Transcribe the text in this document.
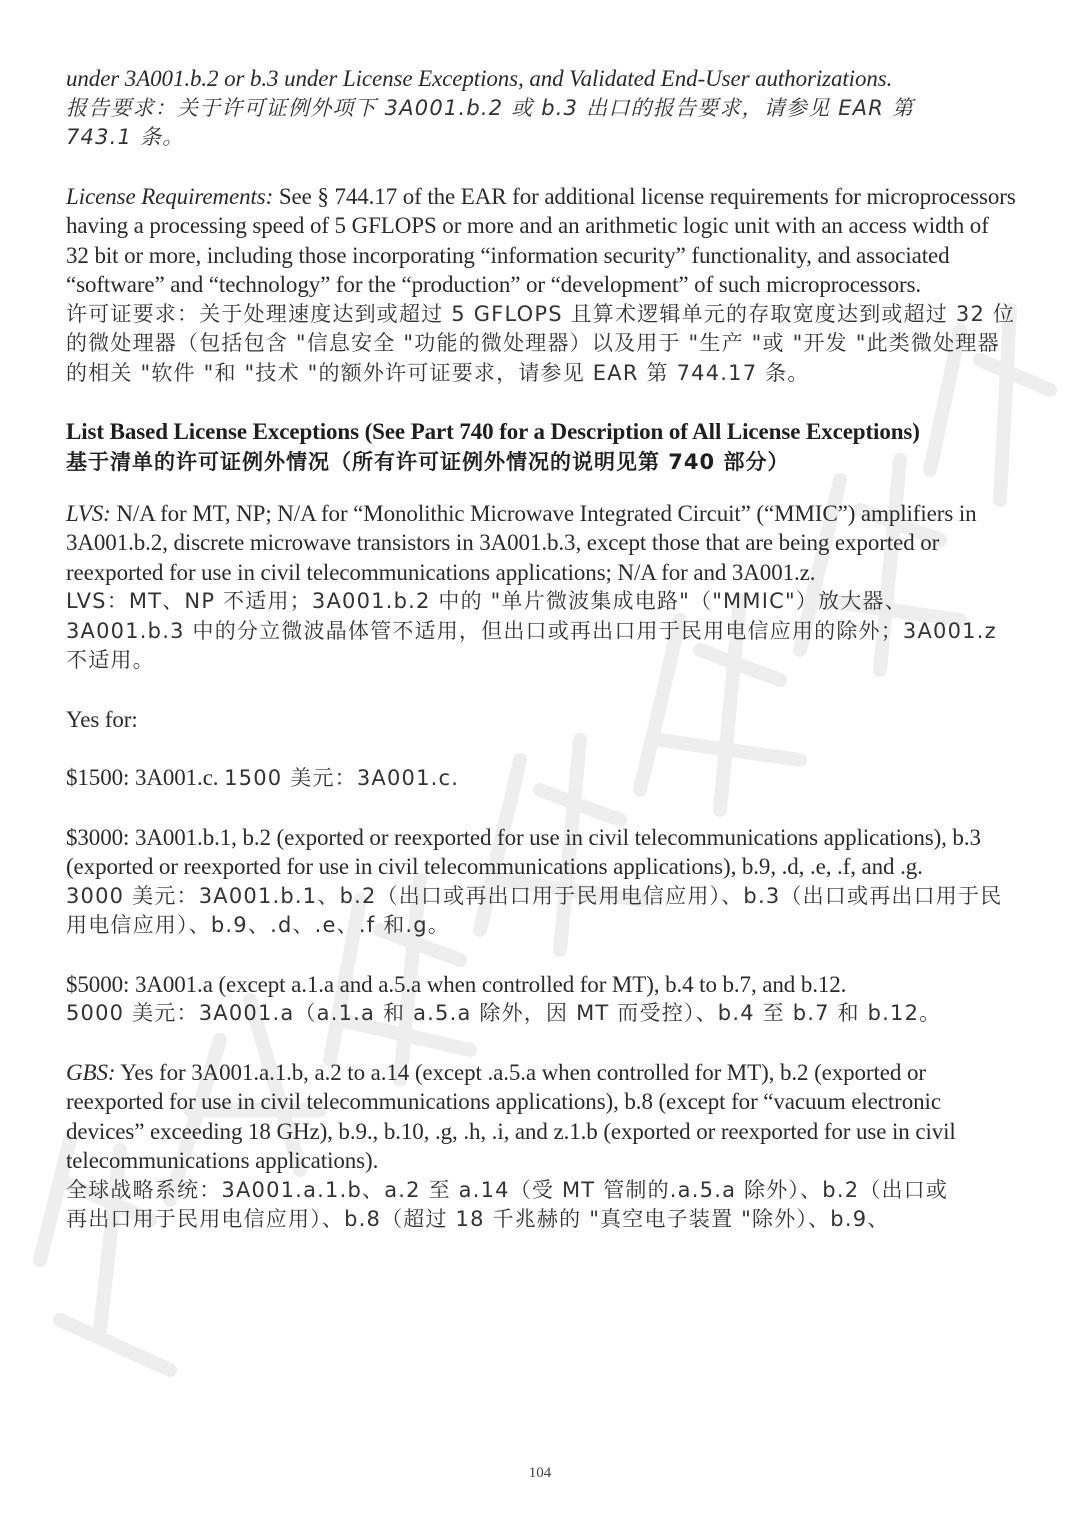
under 3A001.b.2 or b.3 under License Exceptions, and Validated End-User authorizations.

报告要求：关于许可证例外项下 3A001.b.2 或 b.3 出口的报告要求，请参见 EAR 第

743.1 条。

License Requirements: See § 744.17 of the EAR for additional license requirements for microprocessors having a processing speed of 5 GFLOPS or more and an arithmetic logic unit with an access width of 32 bit or more, including those incorporating “information security” functionality, and associated “software” and “technology” for the “production” or “development” of such microprocessors.

许可证要求：关于处理速度达到或超过 5 GFLOPS 且算术逻辑单元的存取宽度达到或超过 32 位的微处理器（包括包含 "信息安全 "功能的微处理器）以及用于 "生产 "或 "开发 "此类微处理器的相关 "软件 "和 "技术 "的额外许可证要求，请参见 EAR 第 744.17 条。

List Based License Exceptions (See Part 740 for a Description of All License Exceptions)

基于清单的许可证例外情况（所有许可证例外情况的说明见第 740 部分）

LVS: N/A for MT, NP; N/A for “Monolithic Microwave Integrated Circuit” (“MMIC”) amplifiers in 3A001.b.2, discrete microwave transistors in 3A001.b.3, except those that are being exported or reexported for use in civil telecommunications applications; N/A for and 3A001.z.

LVS：MT、NP 不适用；3A001.b.2 中的 "单片微波集成电路"（"MMIC"）放大器、3A001.b.3 中的分立微波晶体管不适用，但出口或再出口用于民用电信应用的除外；3A001.z 不适用。

Yes for:

$1500: 3A001.c. 1500 美元：3A001.c.

$3000: 3A001.b.1, b.2 (exported or reexported for use in civil telecommunications applications), b.3 (exported or reexported for use in civil telecommunications applications), b.9, .d, .e, .f, and .g.

3000 美元：3A001.b.1、b.2（出口或再出口用于民用电信应用）、b.3（出口或再出口用于民用电信应用）、b.9、.d、.e、.f 和.g。

$5000: 3A001.a (except a.1.a and a.5.a when controlled for MT), b.4 to b.7, and b.12.

5000 美元：3A001.a（a.1.a 和 a.5.a 除外，因 MT 而受控）、b.4 至 b.7 和 b.12。

GBS: Yes for 3A001.a.1.b, a.2 to a.14 (except .a.5.a when controlled for MT), b.2 (exported or reexported for use in civil telecommunications applications), b.8 (except for “vacuum electronic devices” exceeding 18 GHz), b.9., b.10, .g, .h, .i, and z.1.b (exported or reexported for use in civil telecommunications applications).

全球战略系统：3A001.a.1.b、a.2 至 a.14（受 MT 管制的.a.5.a 除外）、b.2（出口或

再出口用于民用电信应用）、b.8（超过 18 千兆赫的 "真空电子装置 "除外）、b.9、

104
